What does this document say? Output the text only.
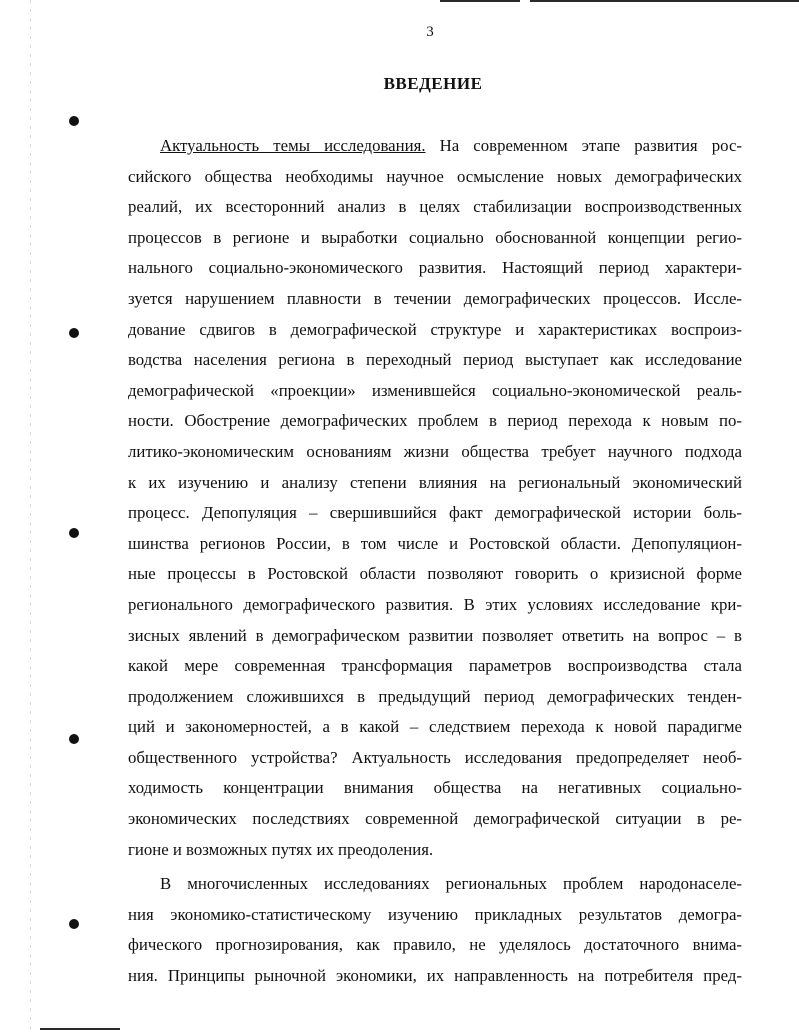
3
ВВЕДЕНИЕ
Актуальность темы исследования. На современном этапе развития рос-
сийского общества необходимы научное осмысление новых демографических
реалий, их всесторонний анализ в целях стабилизации воспроизводственных
процессов в регионе и выработки социально обоснованной концепции регио-
нального социально-экономического развития. Настоящий период характери-
зуется нарушением плавности в течении демографических процессов. Иссле-
дование сдвигов в демографической структуре и характеристиках воспроиз-
водства населения региона в переходный период выступает как исследование
демографической «проекции» изменившейся социально-экономической реаль-
ности. Обострение демографических проблем в период перехода к новым по-
литико-экономическим основаниям жизни общества требует научного подхода
к их изучению и анализу степени влияния на региональный экономический
процесс. Депопуляция – свершившийся факт демографической истории боль-
шинства регионов России, в том числе и Ростовской области. Депопуляцион-
ные процессы в Ростовской области позволяют говорить о кризисной форме
регионального демографического развития. В этих условиях исследование кри-
зисных явлений в демографическом развитии позволяет ответить на вопрос – в
какой мере современная трансформация параметров воспроизводства стала
продолжением сложившихся в предыдущий период демографических тенден-
ций и закономерностей, а в какой – следствием перехода к новой парадигме
общественного устройства? Актуальность исследования предопределяет необ-
ходимость концентрации внимания общества на негативных социально-
экономических последствиях современной демографической ситуации в ре-
гионе и возможных путях их преодоления.
В многочисленных исследованиях региональных проблем народонаселе-
ния экономико-статистическому изучению прикладных результатов демогра-
фического прогнозирования, как правило, не уделялось достаточного внима-
ния. Принципы рыночной экономики, их направленность на потребителя пред-
